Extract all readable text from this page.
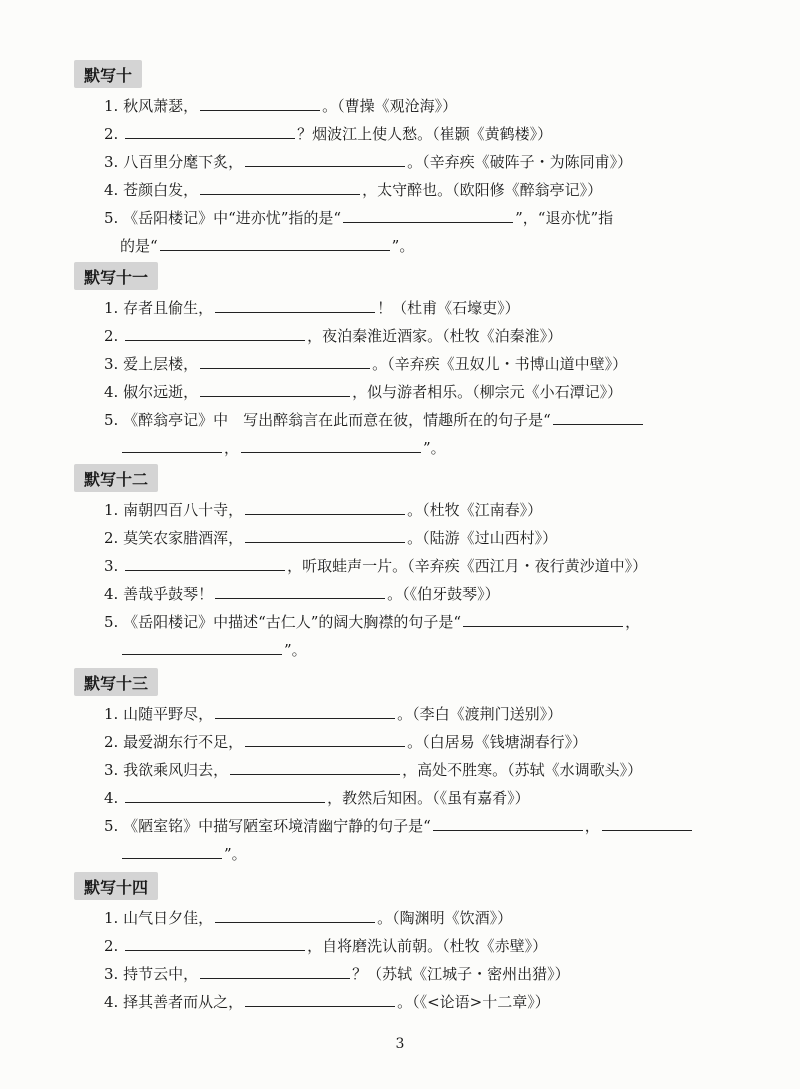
默写十
1. 秋风萧瑟，	。（曹操《观沧海》）
2.	？烟波江上使人愁。（崔颢《黄鹤楼》）
3. 八百里分麾下炙，	。（辛弃疾《破阵子・为陈同甫》）
4. 苍颜白发，	，太守醉也。（欧阳修《醉翁亭记》）
5. 《岳阳楼记》中“进亦忧”指的是“	”，“退亦忧”指
的是“	”。
默写十一
1. 存者且偷生，	！（杜甫《石壕吏》）
2.	，夜泊秦淮近酒家。（杜牧《泊秦淮》）
3. 爱上层楼，	。（辛弃疾《丑奴儿・书博山道中壁》）
4. 俶尔远逝，	，似与游者相乐。（柳宗元《小石潭记》）
5. 《醉翁亭记》中　写出醉翁言在此而意在彼，情趣所在的句子是“
，	”。
默写十二
1. 南朝四百八十寺，	。（杜牧《江南春》）
2. 莫笑农家腊酒浑，	。（陆游《过山西村》）
3.	，听取蛙声一片。（辛弃疾《西江月・夜行黄沙道中》）
4. 善哉乎鼓琴！	。（《伯牙鼓琴》）
5. 《岳阳楼记》中描述“古仁人”的阔大胸襟的句子是“	，
”。
默写十三
1. 山随平野尽，	。（李白《渡荆门送别》）
2. 最爱湖东行不足，	。（白居易《钱塘湖春行》）
3. 我欲乘风归去，	，高处不胜寒。（苏轼《水调歌头》）
4.	，教然后知困。（《虽有嘉肴》）
5. 《陋室铭》中描写陋室环境清幽宁静的句子是“	，
”。
默写十四
1. 山气日夕佳，	。（陶渊明《饮酒》）
2.	，自将磨洗认前朝。（杜牧《赤壁》）
3. 持节云中，	？（苏轼《江城子・密州出猎》）
4. 择其善者而从之，	。（《<论语>十二章》）
3
